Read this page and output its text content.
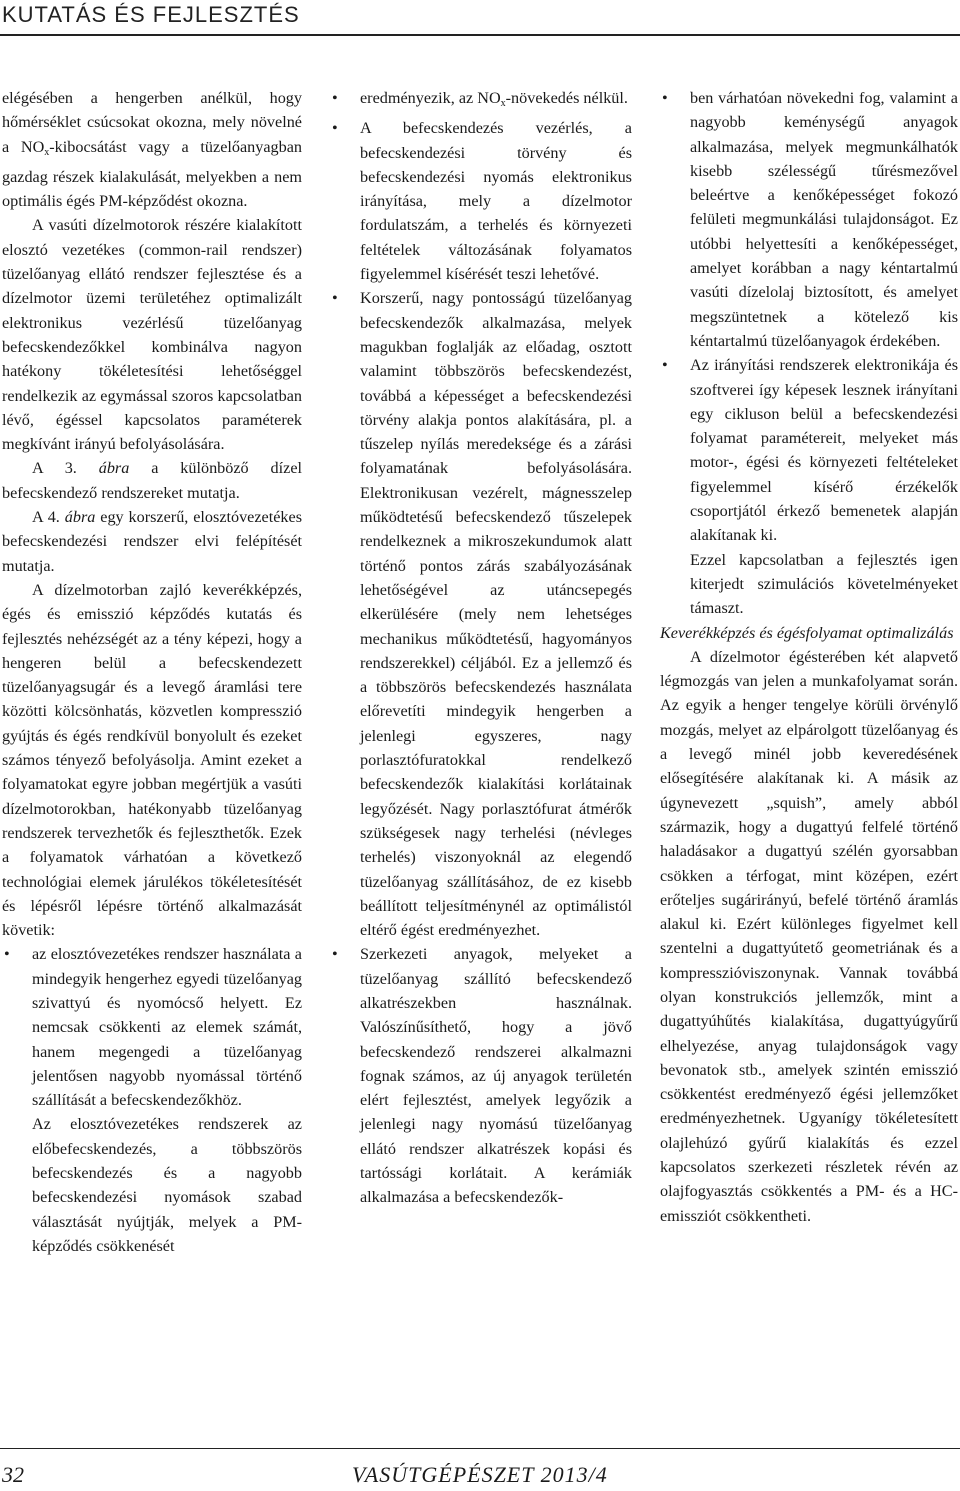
KUTATÁS ÉS FEJLESZTÉS

elégésében a hengerben anélkül, hogy hőmérséklet csúcsokat okozna, mely növelné a $NO_x$-kibocsátást vagy a tüzelőanyagban gazdag részek kialakulását, melyekben a nem optimális égés PM-képződést okozna.

A vasúti dízelmotorok részére kialakított elosztó vezetékes (common-rail rendszer) tüzelőanyag ellátó rendszer fejlesztése és a dízelmotor üzemi területéhez optimalizált elektronikus vezérlésű tüzelőanyag befecskendezőkkel kombinálva nagyon hatékony tökéletesítési lehetőséggel rendelkezik az egymással szoros kapcsolatban lévő, égéssel kapcsolatos paraméterek megkívánt irányú befolyásolására.

A 3. ábra a különböző dízel befecskendező rendszereket mutatja.

A 4. ábra egy korszerű, elosztóvezetékes befecskendezési rendszer elvi felépítését mutatja.

A dízelmotorban zajló keverékképzés, égés és emisszió képződés kutatás és fejlesztés nehézségét az a tény képezi, hogy a hengeren belül a befecskendezett tüzelőanyagsugár és a levegő áramlási tere közötti kölcsönhatás, közvetlen kompresszió gyújtás és égés rendkívül bonyolult és ezeket számos tényező befolyásolja. Amint ezeket a folyamatokat egyre jobban megértjük a vasúti dízelmotorokban, hatékonyabb tüzelőanyag rendszerek tervezhetők és fejleszthetők. Ezek a folyamatok várhatóan a következő technológiai elemek járulékos tökéletesítését és lépésről lépésre történő alkalmazását követik:

• az elosztóvezetékes rendszer használata a mindegyik hengerhez egyedi tüzelőanyag szivattyú és nyomócső helyett. Ez nemcsak csökkenti az elemek számát, hanem megengedi a tüzelőanyag jelentősen nagyobb nyomással történő szállítását a befecskendezőkhöz.

Az elosztóvezetékes rendszerek az előbefecskendezés, a többszörös befecskendezés és a nagyobb befecskendezési nyomások szabad választását nyújtják, melyek a PM-képződés csökkenését

• eredményezik, az $NO_x$-növekedés nélkül.

• A befecskendezés vezérlés, a befecskendezési törvény és befecskendezési nyomás elektronikus irányítása, mely a dízelmotor fordulatszám, a terhelés és környezeti feltételek változásának folyamatos figyelemmel kísérését teszi lehetővé.

• Korszerű, nagy pontosságú tüzelőanyag befecskendezők alkalmazása, melyek magukban foglalják az előadag, osztott valamint többszörös befecskendezést, továbbá a képességet a befecskendezési törvény alakja pontos alakítására, pl. a tűszelep nyílás meredeksége és a zárási folyamatának befolyásolására. Elektronikusan vezérelt, mágnesszelep működtetésű befecskendező tűszelepek rendelkeznek a mikroszekundumok alatt történő pontos zárás szabályozásának lehetőségével az utáncsepegés elkerülésére (mely nem lehetséges mechanikus működtetésű, hagyományos rendszerekkel) céljából. Ez a jellemző és a többszörös befecskendezés használata előrevetíti mindegyik hengerben a jelenlegi egyszeres, nagy porlasztófuratokkal rendelkező befecskendezők kialakítási korlátainak legyőzését. Nagy porlasztófurat átmérők szükségesek nagy terhelési (névleges terhelés) viszonyoknál az elegendő tüzelőanyag szállításához, de ez kisebb beállított teljesítménynél az optimálistól eltérő égést eredményezhet.

• Szerkezeti anyagok, melyeket a tüzelőanyag szállító befecskendező alkatrészekben használnak. Valószínűsíthető, hogy a jövő befecskendező rendszerei alkalmazni fognak számos, az új anyagok területén elért fejlesztést, amelyek legyőzik a jelenlegi nagy nyomású tüzelőanyag ellátó rendszer alkatrészek kopási és tartóssági korlátait. A kerámiák alkalmazása a befecskendezők-

• ben várhatóan növekedni fog, valamint a nagyobb keménységű anyagok alkalmazása, melyek megmunkálhatók kisebb szélességű tűrésmezővel beleértve a kenőképességet fokozó felületi megmunkálási tulajdonságot. Ez utóbbi helyettesíti a kenőképességet, amelyet korábban a nagy kéntartalmú vasúti dízelolaj biztosított, és amelyet megszüntetnek a kötelező kis kéntartalmú tüzelőanyagok érdekében.

• Az irányítási rendszerek elektronikája és szoftverei így képesek lesznek irányítani egy cikluson belül a befecskendezési folyamat paramétereit, melyeket más motor-, égési és környezeti feltételeket figyelemmel kísérő érzékelők csoportjától érkező bemenetek alapján alakítanak ki.

Ezzel kapcsolatban a fejlesztés igen kiterjedt szimulációs követelményeket támaszt.

Keverékképzés és égésfolyamat optimalizálás

A dízelmotor égésterében két alapvető légmozgás van jelen a munkafolyamat során. Az egyik a henger tengelye körüli örvénylő mozgás, melyet az elpárolgott tüzelőanyag és a levegő minél jobb keveredésének elősegítésére alakítanak ki. A másik az úgynevezett „squish”, amely abból származik, hogy a dugattyú felfelé történő haladásakor a dugattyú szélén gyorsabban csökken a térfogat, mint középen, ezért erőteljes sugárirányú, befelé történő áramlás alakul ki. Ezért különleges figyelmet kell szentelni a dugattyútető geometriának és a kompresszióviszonynak. Vannak továbbá olyan konstrukciós jellemzők, mint a dugattyúhűtés kialakítása, dugattyúgyűrű elhelyezése, anyag tulajdonságok vagy bevonatok stb., amelyek szintén emisszió csökkentést eredményező égési jellemzőket eredményezhetnek. Ugyanígy tökéletesített olajlehúzó gyűrű kialakítás és ezzel kapcsolatos szerkezeti részletek révén az olajfogyasztás csökkentés a PM- és a HC-emissziót csökkentheti.

32	VASÚTGÉPÉSZET 2013/4
